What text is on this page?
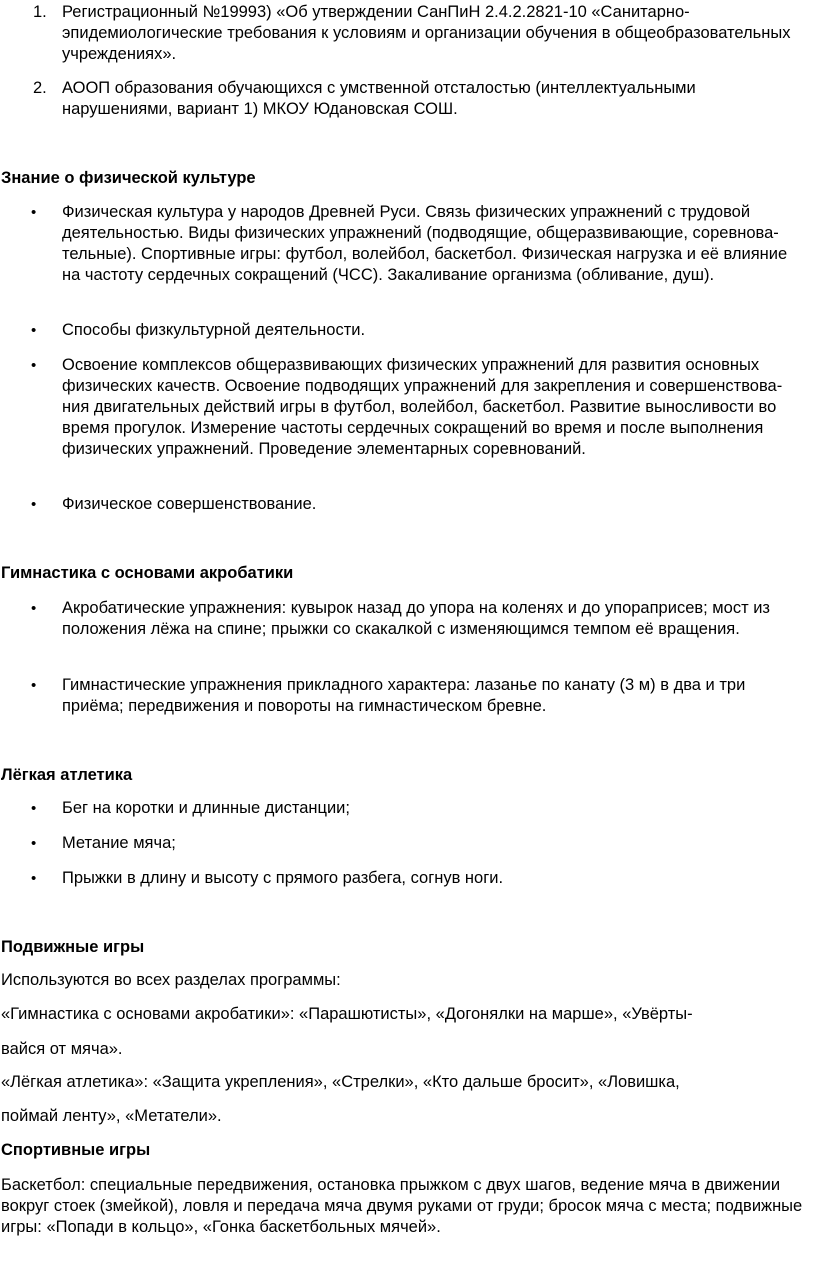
1. Регистрационный №19993) «Об утверждении СанПиН 2.4.2.2821-10 «Санитарно-эпидемиологические требования к условиям и организации обучения в общеобразовательных учреждениях».
2. АООП образования обучающихся с умственной отсталостью (интеллектуальными нарушениями, вариант 1) МКОУ Юдановская СОШ.
Знание о физической культуре
• Физическая культура у народов Древней Руси. Связь физических упражнений с трудовой деятельностью. Виды физических упражнений (подводящие, общеразвивающие, соревнова- тельные). Спортивные игры: футбол, волейбол, баскетбол. Физическая нагрузка и её влияние на частоту сердечных сокращений (ЧСС). Закаливание организма (обливание, душ).
• Способы физкультурной деятельности.
• Освоение комплексов общеразвивающих физических упражнений для развития основных физических качеств. Освоение подводящих упражнений для закрепления и совершенствова-ния двигательных действий игры в футбол, волейбол, баскетбол. Развитие выносливости во время прогулок. Измерение частоты сердечных сокращений во время и после выполнения физических упражнений. Проведение элементарных соревнований.
• Физическое совершенствование.
Гимнастика с основами акробатики
• Акробатические упражнения: кувырок назад до упора на коленях и до упораприсев; мост из положения лёжа на спине; прыжки со скакалкой с изменяющимся темпом её вращения.
• Гимнастические упражнения прикладного характера: лазанье по канату (3 м) в два и три приёма; передвижения и повороты на гимнастическом бревне.
Лёгкая атлетика
• Бег на коротки и длинные дистанции;
• Метание мяча;
• Прыжки в длину и высоту с прямого разбега, согнув ноги.
Подвижные игры

Используются во всех разделах программы:

«Гимнастика с основами акробатики»: «Парашютисты», «Догонялки на марше», «Увёрты-

вайся от мяча».

«Лёгкая атлетика»: «Защита укрепления», «Стрелки», «Кто дальше бросит», «Ловишка,

поймай ленту», «Метатели».

Спортивные игры

Баскетбол: специальные передвижения, остановка прыжком с двух шагов, ведение мяча в движении вокруг стоек (змейкой), ловля и передача мяча двумя руками от груди; бросок мяча с места; подвижные игры: «Попади в кольцо», «Гонка баскетбольных мячей».
